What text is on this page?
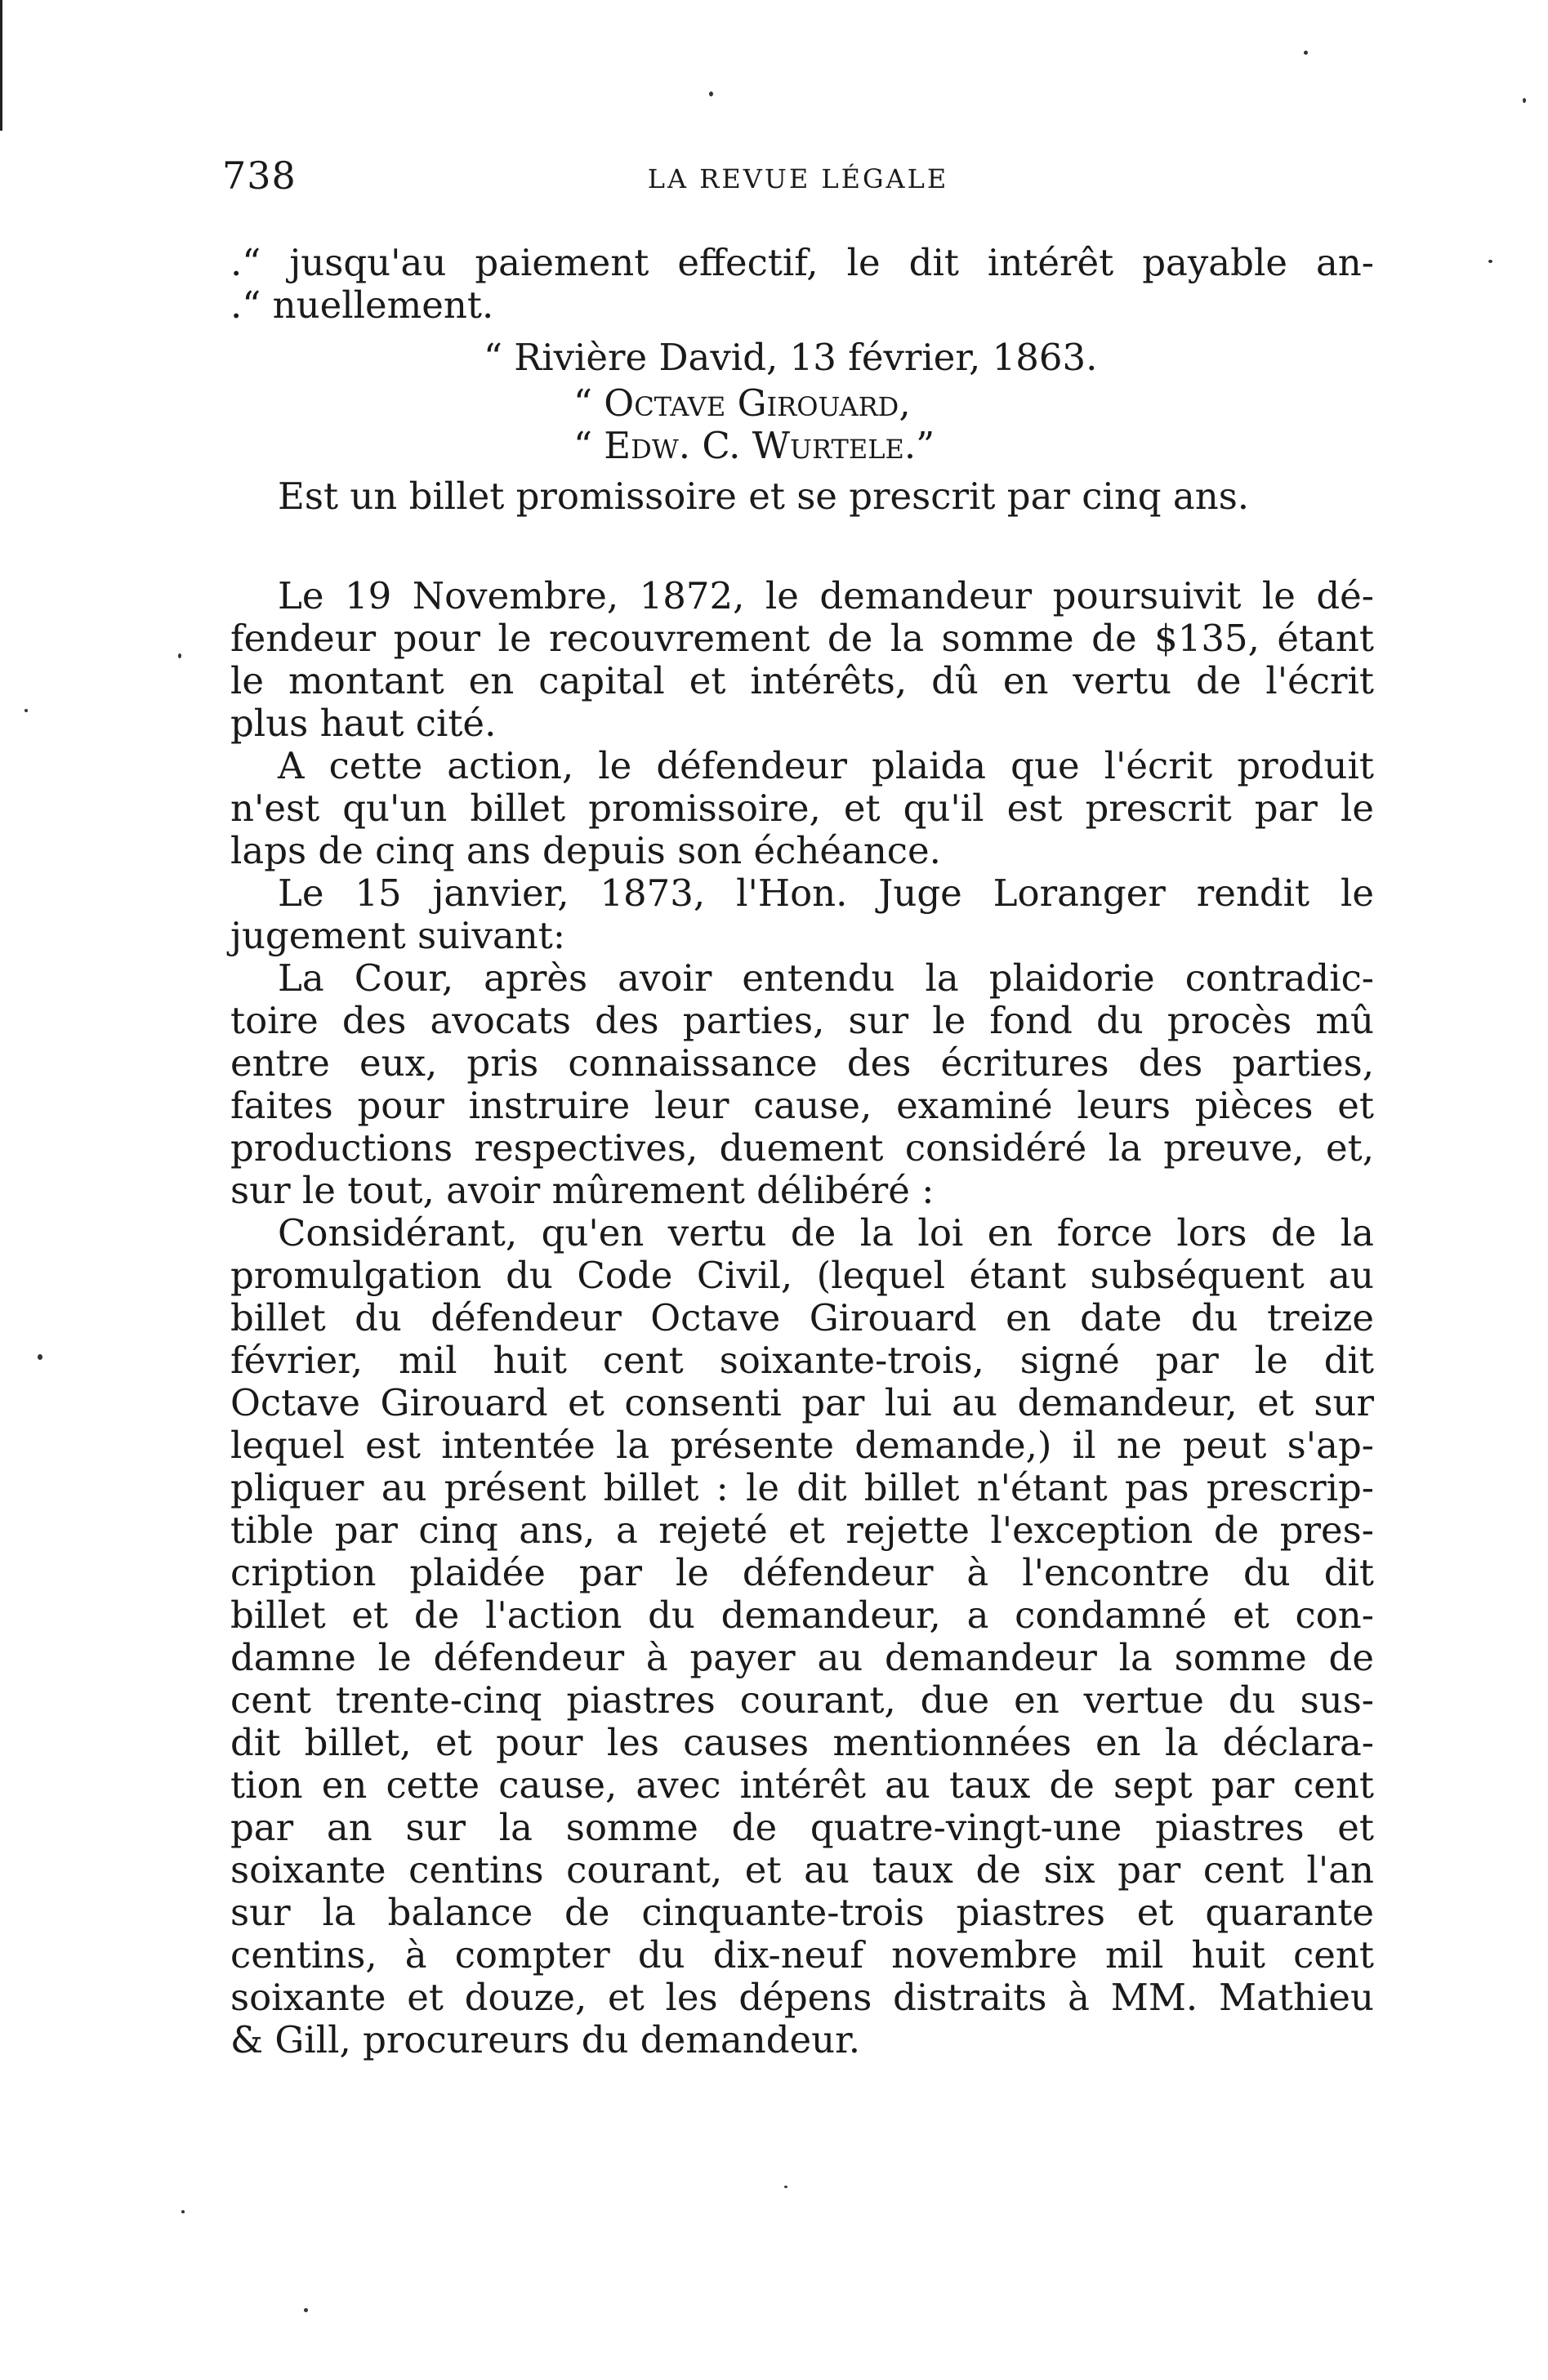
738	LA REVUE LÉGALE
.“ jusqu'au paiement effectif, le dit intérêt payable an-
.“ nuellement.
“ Rivière David, 13 février, 1863.
“ Octave Girouard,
“ Edw. C. Wurtele.”
Est un billet promissoire et se prescrit par cinq ans.
Le 19 Novembre, 1872, le demandeur poursuivit le dé-
fendeur pour le recouvrement de la somme de $135, étant
le montant en capital et intérêts, dû en vertu de l'écrit
plus haut cité.
A cette action, le défendeur plaida que l'écrit produit
n'est qu'un billet promissoire, et qu'il est prescrit par le
laps de cinq ans depuis son échéance.
Le 15 janvier, 1873, l'Hon. Juge Loranger rendit le
jugement suivant:
La Cour, après avoir entendu la plaidorie contradic-
toire des avocats des parties, sur le fond du procès mû
entre eux, pris connaissance des écritures des parties,
faites pour instruire leur cause, examiné leurs pièces et
productions respectives, duement considéré la preuve, et,
sur le tout, avoir mûrement délibéré :
Considérant, qu'en vertu de la loi en force lors de la
promulgation du Code Civil, (lequel étant subséquent au
billet du défendeur Octave Girouard en date du treize
février, mil huit cent soixante-trois, signé par le dit
Octave Girouard et consenti par lui au demandeur, et sur
lequel est intentée la présente demande,) il ne peut s'ap-
pliquer au présent billet : le dit billet n'étant pas prescrip-
tible par cinq ans, a rejeté et rejette l'exception de pres-
cription plaidée par le défendeur à l'encontre du dit
billet et de l'action du demandeur, a condamné et con-
damne le défendeur à payer au demandeur la somme de
cent trente-cinq piastres courant, due en vertue du sus-
dit billet, et pour les causes mentionnées en la déclara-
tion en cette cause, avec intérêt au taux de sept par cent
par an sur la somme de quatre-vingt-une piastres et
soixante centins courant, et au taux de six par cent l'an
sur la balance de cinquante-trois piastres et quarante
centins, à compter du dix-neuf novembre mil huit cent
soixante et douze, et les dépens distraits à MM. Mathieu
& Gill, procureurs du demandeur.
